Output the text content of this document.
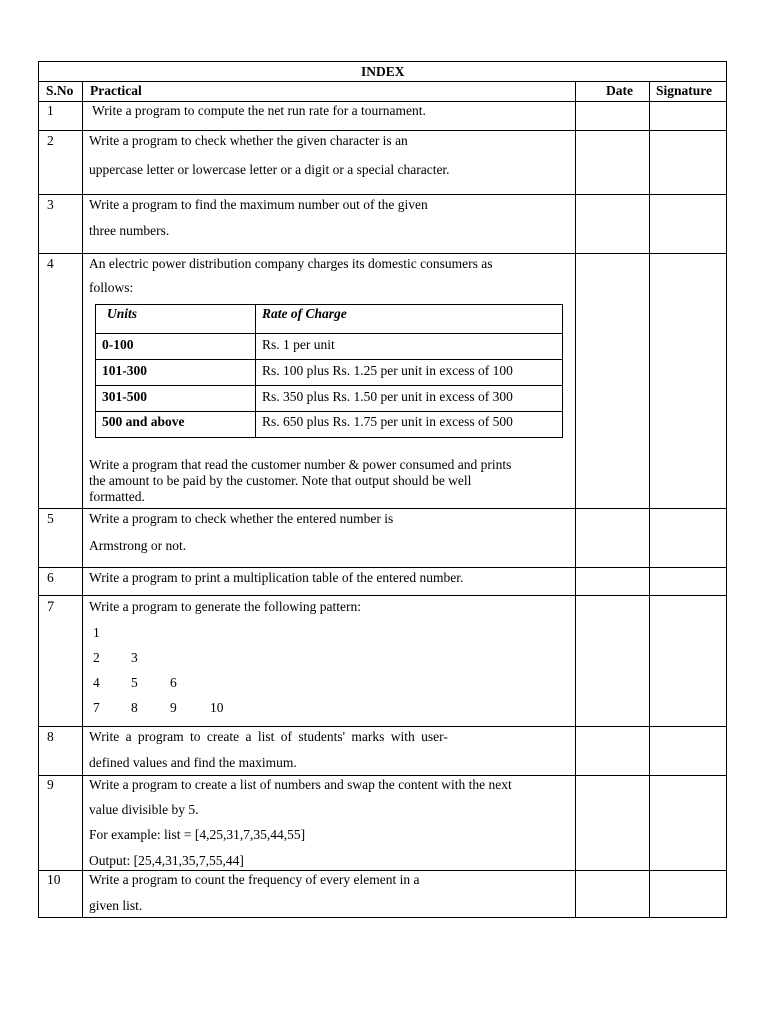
INDEX
S.No Practical	Date Signature
1	Write a program to compute the net run rate for a tournament.
2	Write a program to check whether the given character is an
uppercase letter or lowercase letter or a digit or a special character.
3	Write a program to find the maximum number out of the given
three numbers.
4	An electric power distribution company charges its domestic consumers as
follows:
Units	Rate of Charge
0-100	Rs. 1 per unit
101-300	Rs. 100 plus Rs. 1.25 per unit in excess of 100
301-500	Rs. 350 plus Rs. 1.50 per unit in excess of 300
500 and above	Rs. 650 plus Rs. 1.75 per unit in excess of 500
Write a program that read the customer number & power consumed and prints
the amount to be paid by the customer. Note that output should be well
formatted.
5	Write a program to check whether the entered number is
Armstrong or not.
6	Write a program to print a multiplication table of the entered number.
7	Write a program to generate the following pattern:
1
2 3
4 5 6
7 8 9 10
8	Write a program to create a list of students' marks with user-
defined values and find the maximum.
9	Write a program to create a list of numbers and swap the content with the next
value divisible by 5.
For example: list = [4,25,31,7,35,44,55]
Output: [25,4,31,35,7,55,44]
10 Write a program to count the frequency of every element in a
given list.
